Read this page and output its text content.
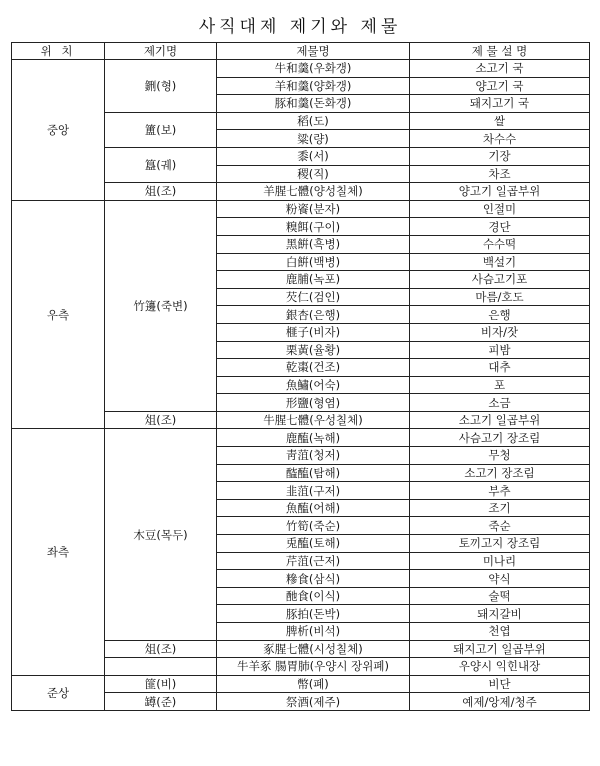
사직대제 제기와 제물
위 치	제기명	제물명	제 물 설 명
중앙	鉶(형)	牛和羹(우화갱)	소고기 국
		羊和羹(양화갱)	양고기 국
		豚和羹(돈화갱)	돼지고기 국
	簠(보)	稻(도)	쌀
		粱(량)	차수수
	簋(궤)	黍(서)	기장
		稷(직)	차조
	俎(조)	羊腥七體(양성칠체)	양고기 일곱부위
우측	竹籩(죽변)	粉餈(분자)	인절미
		糗餌(구이)	경단
		黑餠(흑병)	수수떡
		白餠(백병)	백설기
		鹿脯(녹포)	사슴고기포
		芡仁(검인)	마름/호도
		銀杏(은행)	은행
		榧子(비자)	비자/잣
		栗黃(율황)	피밤
		乾棗(건조)	대추
		魚鱐(어숙)	포
		形鹽(형염)	소금
	俎(조)	牛腥七體(우성칠체)	소고기 일곱부위
좌측	木豆(목두)	鹿醢(녹해)	사슴고기 장조림
		靑菹(청저)	무청
		醓醢(탐해)	소고기 장조림
		韭菹(구저)	부추
		魚醢(어해)	조기
		竹筍(죽순)	죽순
		兎醢(토해)	토끼고지 장조림
		芹菹(근저)	미나리
		糝食(삼식)	약식
		酏食(이식)	술떡
		豚拍(돈박)	돼지갈비
		脾析(비석)	천엽
	俎(조)	豖腥七體(시성칠체)	돼지고기 일곱부위
		牛羊豖 腸胃肺(우양시 장위폐)	우양시 익힌내장
준상	篚(비)	幣(폐)	비단
	罇(준)	祭酒(제주)	예제/앙제/청주
